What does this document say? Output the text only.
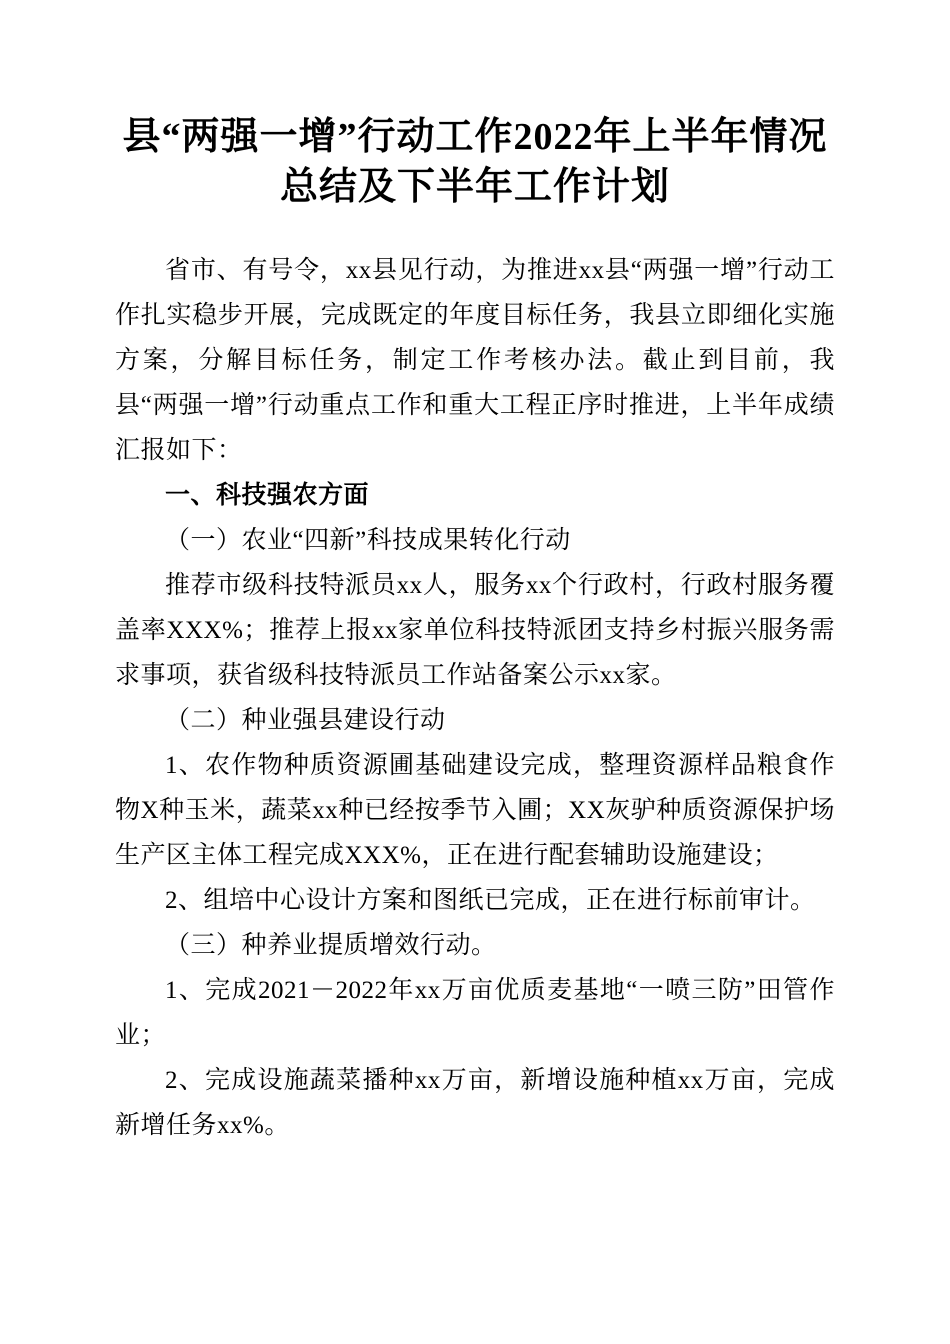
县“两强一增”行动工作2022年上半年情况
总结及下半年工作计划

省市、有号令，xx县见行动，为推进xx县“两强一增”行动工作扎实稳步开展，完成既定的年度目标任务，我县立即细化实施方案，分解目标任务，制定工作考核办法。截止到目前，我县“两强一增”行动重点工作和重大工程正序时推进，上半年成绩汇报如下：

一、科技强农方面

（一）农业“四新”科技成果转化行动

推荐市级科技特派员xx人，服务xx个行政村，行政村服务覆盖率XXX%；推荐上报xx家单位科技特派团支持乡村振兴服务需求事项，获省级科技特派员工作站备案公示xx家。

（二）种业强县建设行动

1、农作物种质资源圃基础建设完成，整理资源样品粮食作物X种玉米，蔬菜xx种已经按季节入圃；XX灰驴种质资源保护场生产区主体工程完成XXX%，正在进行配套辅助设施建设；

2、组培中心设计方案和图纸已完成，正在进行标前审计。

（三）种养业提质增效行动。

1、完成2021－2022年xx万亩优质麦基地“一喷三防”田管作业；

2、完成设施蔬菜播种xx万亩，新增设施种植xx万亩，完成新增任务xx%。
